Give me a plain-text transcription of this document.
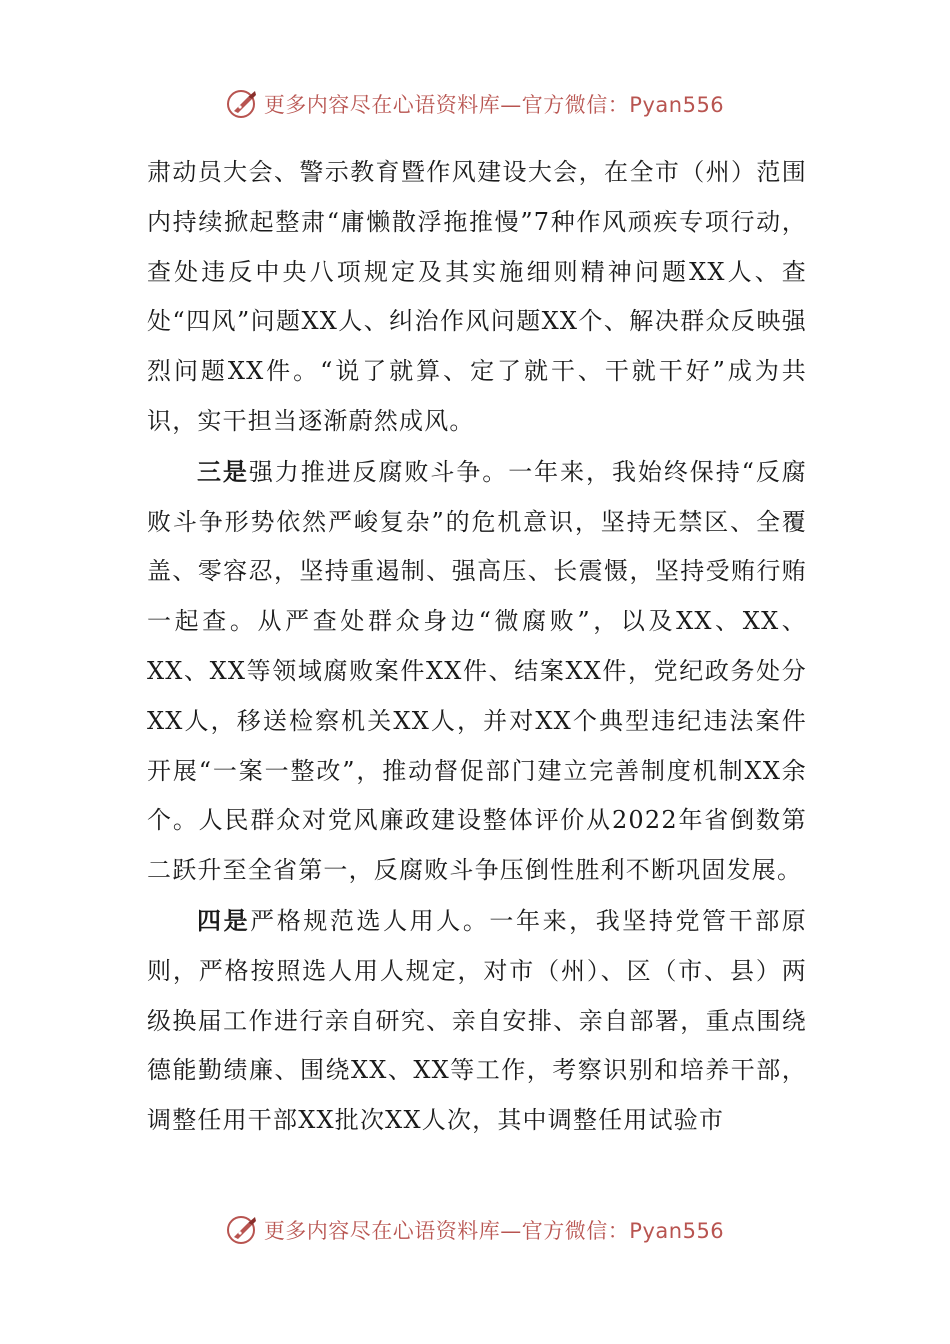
更多内容尽在心语资料库—官方微信：Pyan556

肃动员大会、警示教育暨作风建设大会，在全市（州）范围内持续掀起整肃“庸懒散浮拖推慢”7种作风顽疾专项行动，查处违反中央八项规定及其实施细则精神问题XX人、查处“四风”问题XX人、纠治作风问题XX个、解决群众反映强烈问题XX件。“说了就算、定了就干、干就干好”成为共识，实干担当逐渐蔚然成风。

三是强力推进反腐败斗争。一年来，我始终保持“反腐败斗争形势依然严峻复杂”的危机意识，坚持无禁区、全覆盖、零容忍，坚持重遏制、强高压、长震慑，坚持受贿行贿一起查。从严查处群众身边“微腐败”，以及XX、XX、XX、XX等领域腐败案件XX件、结案XX件，党纪政务处分XX人，移送检察机关XX人，并对XX个典型违纪违法案件开展“一案一整改”，推动督促部门建立完善制度机制XX余个。人民群众对党风廉政建设整体评价从2022年省倒数第二跃升至全省第一，反腐败斗争压倒性胜利不断巩固发展。

四是严格规范选人用人。一年来，我坚持党管干部原则，严格按照选人用人规定，对市（州）、区（市、县）两级换届工作进行亲自研究、亲自安排、亲自部署，重点围绕德能勤绩廉、围绕XX、XX等工作，考察识别和培养干部，调整任用干部XX批次XX人次，其中调整任用试验市

更多内容尽在心语资料库—官方微信：Pyan556
